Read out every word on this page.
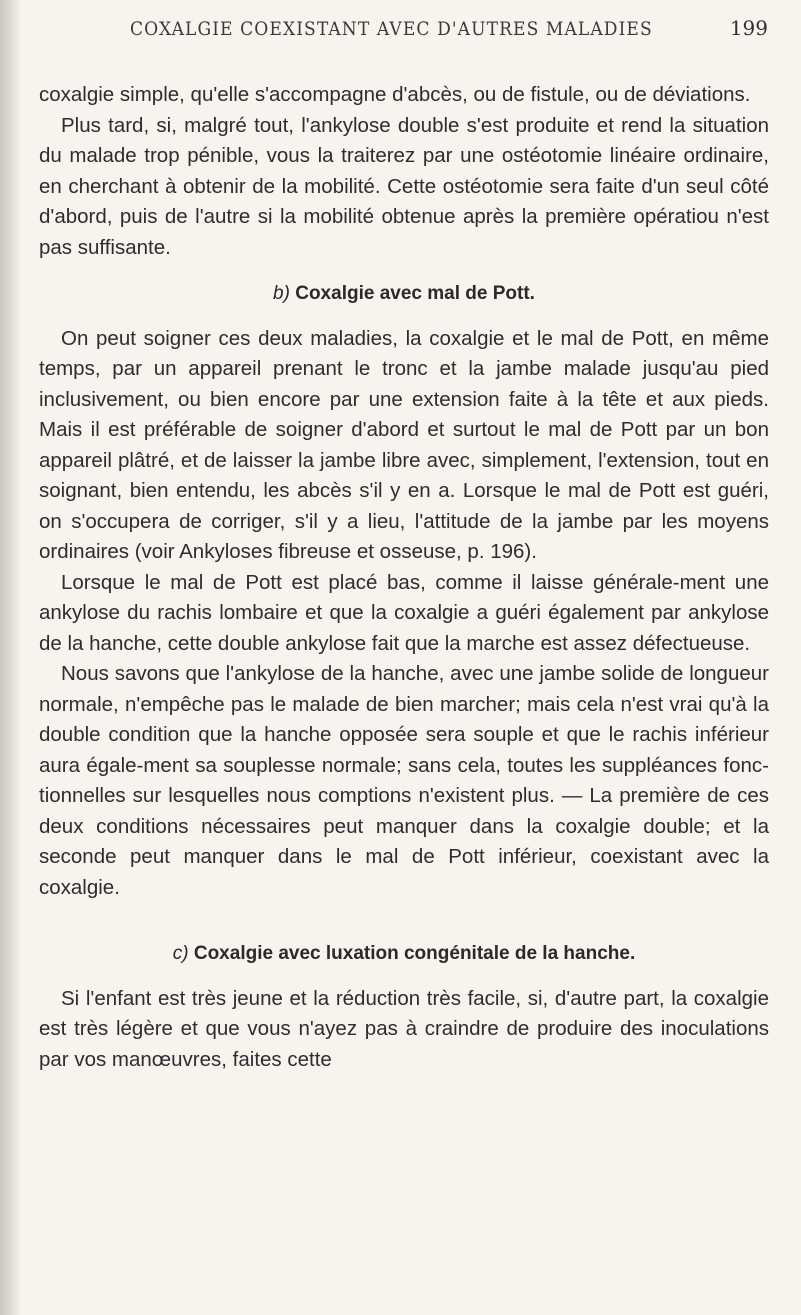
COXALGIE COEXISTANT AVEC D'AUTRES MALADIES	199

coxalgie simple, qu'elle s'accompagne d'abcès, ou de fistule, ou de déviations.

Plus tard, si, malgré tout, l'ankylose double s'est produite et rend la situation du malade trop pénible, vous la traiterez par une ostéotomie linéaire ordinaire, en cherchant à obtenir de la mobilité. Cette ostéotomie sera faite d'un seul côté d'abord, puis de l'autre si la mobilité obtenue après la première opératiou n'est pas suffisante.

b) Coxalgie avec mal de Pott.

On peut soigner ces deux maladies, la coxalgie et le mal de Pott, en même temps, par un appareil prenant le tronc et la jambe malade jusqu'au pied inclusivement, ou bien encore par une extension faite à la tête et aux pieds. Mais il est préférable de soigner d'abord et surtout le mal de Pott par un bon appareil plâtré, et de laisser la jambe libre avec, simplement, l'extension, tout en soignant, bien entendu, les abcès s'il y en a. Lorsque le mal de Pott est guéri, on s'occupera de corriger, s'il y a lieu, l'attitude de la jambe par les moyens ordinaires (voir Ankyloses fibreuse et osseuse, p. 196).

Lorsque le mal de Pott est placé bas, comme il laisse générale-ment une ankylose du rachis lombaire et que la coxalgie a guéri également par ankylose de la hanche, cette double ankylose fait que la marche est assez défectueuse.

Nous savons que l'ankylose de la hanche, avec une jambe solide de longueur normale, n'empêche pas le malade de bien marcher; mais cela n'est vrai qu'à la double condition que la hanche opposée sera souple et que le rachis inférieur aura égale-ment sa souplesse normale; sans cela, toutes les suppléances fonc-tionnelles sur lesquelles nous comptions n'existent plus. — La première de ces deux conditions nécessaires peut manquer dans la coxalgie double; et la seconde peut manquer dans le mal de Pott inférieur, coexistant avec la coxalgie.

c) Coxalgie avec luxation congénitale de la hanche.

Si l'enfant est très jeune et la réduction très facile, si, d'autre part, la coxalgie est très légère et que vous n'ayez pas à craindre de produire des inoculations par vos manœuvres, faites cette
